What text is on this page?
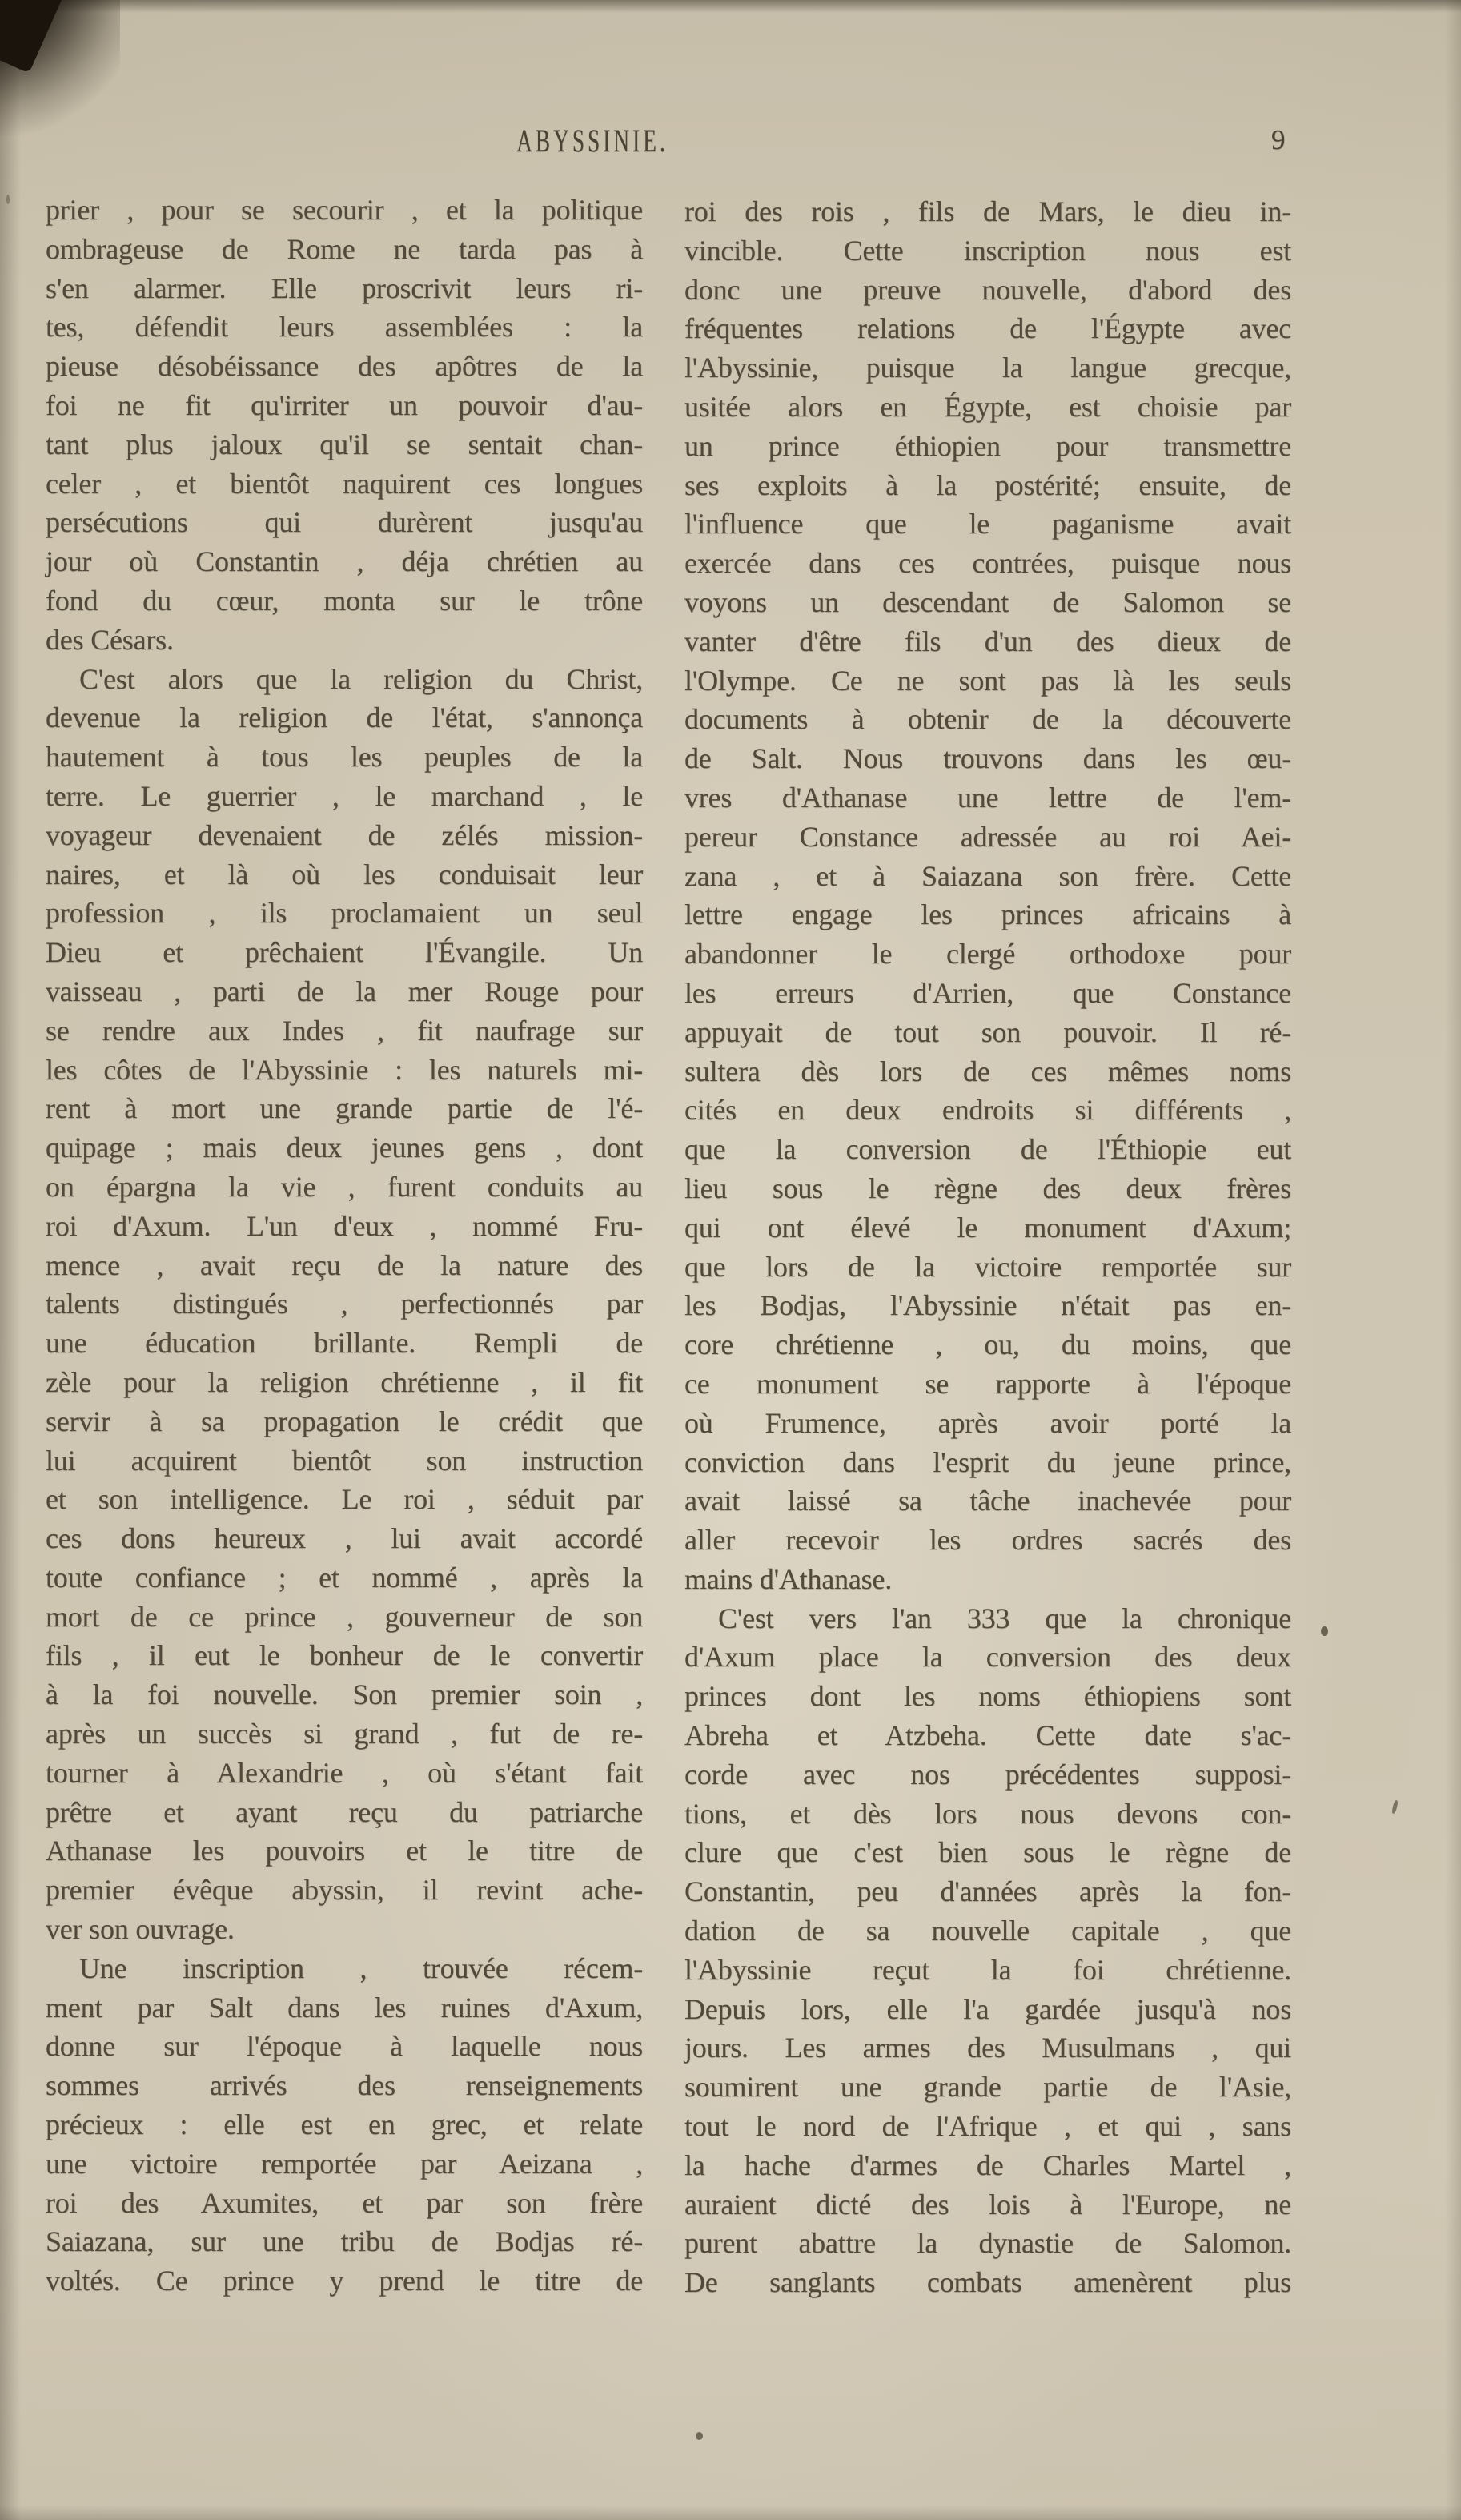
ABYSSINIE.	9
prier , pour se secourir , et la politique
ombrageuse de Rome ne tarda pas à
s'en alarmer. Elle proscrivit leurs ri-
tes, défendit leurs assemblées : la
pieuse désobéissance des apôtres de la
foi ne fit qu'irriter un pouvoir d'au-
tant plus jaloux qu'il se sentait chan-
celer , et bientôt naquirent ces longues
persécutions qui durèrent jusqu'au
jour où Constantin , déja chrétien au
fond du cœur, monta sur le trône
des Césars.
C'est alors que la religion du Christ,
devenue la religion de l'état, s'annonça
hautement à tous les peuples de la
terre. Le guerrier , le marchand , le
voyageur devenaient de zélés mission-
naires, et là où les conduisait leur
profession , ils proclamaient un seul
Dieu et prêchaient l'Évangile. Un
vaisseau , parti de la mer Rouge pour
se rendre aux Indes , fit naufrage sur
les côtes de l'Abyssinie : les naturels mi-
rent à mort une grande partie de l'é-
quipage ; mais deux jeunes gens , dont
on épargna la vie , furent conduits au
roi d'Axum. L'un d'eux , nommé Fru-
mence , avait reçu de la nature des
talents distingués , perfectionnés par
une éducation brillante. Rempli de
zèle pour la religion chrétienne , il fit
servir à sa propagation le crédit que
lui acquirent bientôt son instruction
et son intelligence. Le roi , séduit par
ces dons heureux , lui avait accordé
toute confiance ; et nommé , après la
mort de ce prince , gouverneur de son
fils , il eut le bonheur de le convertir
à la foi nouvelle. Son premier soin ,
après un succès si grand , fut de re-
tourner à Alexandrie , où s'étant fait
prêtre et ayant reçu du patriarche
Athanase les pouvoirs et le titre de
premier évêque abyssin, il revint ache-
ver son ouvrage.
Une inscription , trouvée récem-
ment par Salt dans les ruines d'Axum,
donne sur l'époque à laquelle nous
sommes arrivés des renseignements
précieux : elle est en grec, et relate
une victoire remportée par Aeizana ,
roi des Axumites, et par son frère
Saiazana, sur une tribu de Bodjas ré-
voltés. Ce prince y prend le titre de
roi des rois , fils de Mars, le dieu in-
vincible. Cette inscription nous est
donc une preuve nouvelle, d'abord des
fréquentes relations de l'Égypte avec
l'Abyssinie, puisque la langue grecque,
usitée alors en Égypte, est choisie par
un prince éthiopien pour transmettre
ses exploits à la postérité; ensuite, de
l'influence que le paganisme avait
exercée dans ces contrées, puisque nous
voyons un descendant de Salomon se
vanter d'être fils d'un des dieux de
l'Olympe. Ce ne sont pas là les seuls
documents à obtenir de la découverte
de Salt. Nous trouvons dans les œu-
vres d'Athanase une lettre de l'em-
pereur Constance adressée au roi Aei-
zana , et à Saiazana son frère. Cette
lettre engage les princes africains à
abandonner le clergé orthodoxe pour
les erreurs d'Arrien, que Constance
appuyait de tout son pouvoir. Il ré-
sultera dès lors de ces mêmes noms
cités en deux endroits si différents ,
que la conversion de l'Éthiopie eut
lieu sous le règne des deux frères
qui ont élevé le monument d'Axum;
que lors de la victoire remportée sur
les Bodjas, l'Abyssinie n'était pas en-
core chrétienne , ou, du moins, que
ce monument se rapporte à l'époque
où Frumence, après avoir porté la
conviction dans l'esprit du jeune prince,
avait laissé sa tâche inachevée pour
aller recevoir les ordres sacrés des
mains d'Athanase.
C'est vers l'an 333 que la chronique
d'Axum place la conversion des deux
princes dont les noms éthiopiens sont
Abreha et Atzbeha. Cette date s'ac-
corde avec nos précédentes supposi-
tions, et dès lors nous devons con-
clure que c'est bien sous le règne de
Constantin, peu d'années après la fon-
dation de sa nouvelle capitale , que
l'Abyssinie reçut la foi chrétienne.
Depuis lors, elle l'a gardée jusqu'à nos
jours. Les armes des Musulmans , qui
soumirent une grande partie de l'Asie,
tout le nord de l'Afrique , et qui , sans
la hache d'armes de Charles Martel ,
auraient dicté des lois à l'Europe, ne
purent abattre la dynastie de Salomon.
De sanglants combats amenèrent plus
